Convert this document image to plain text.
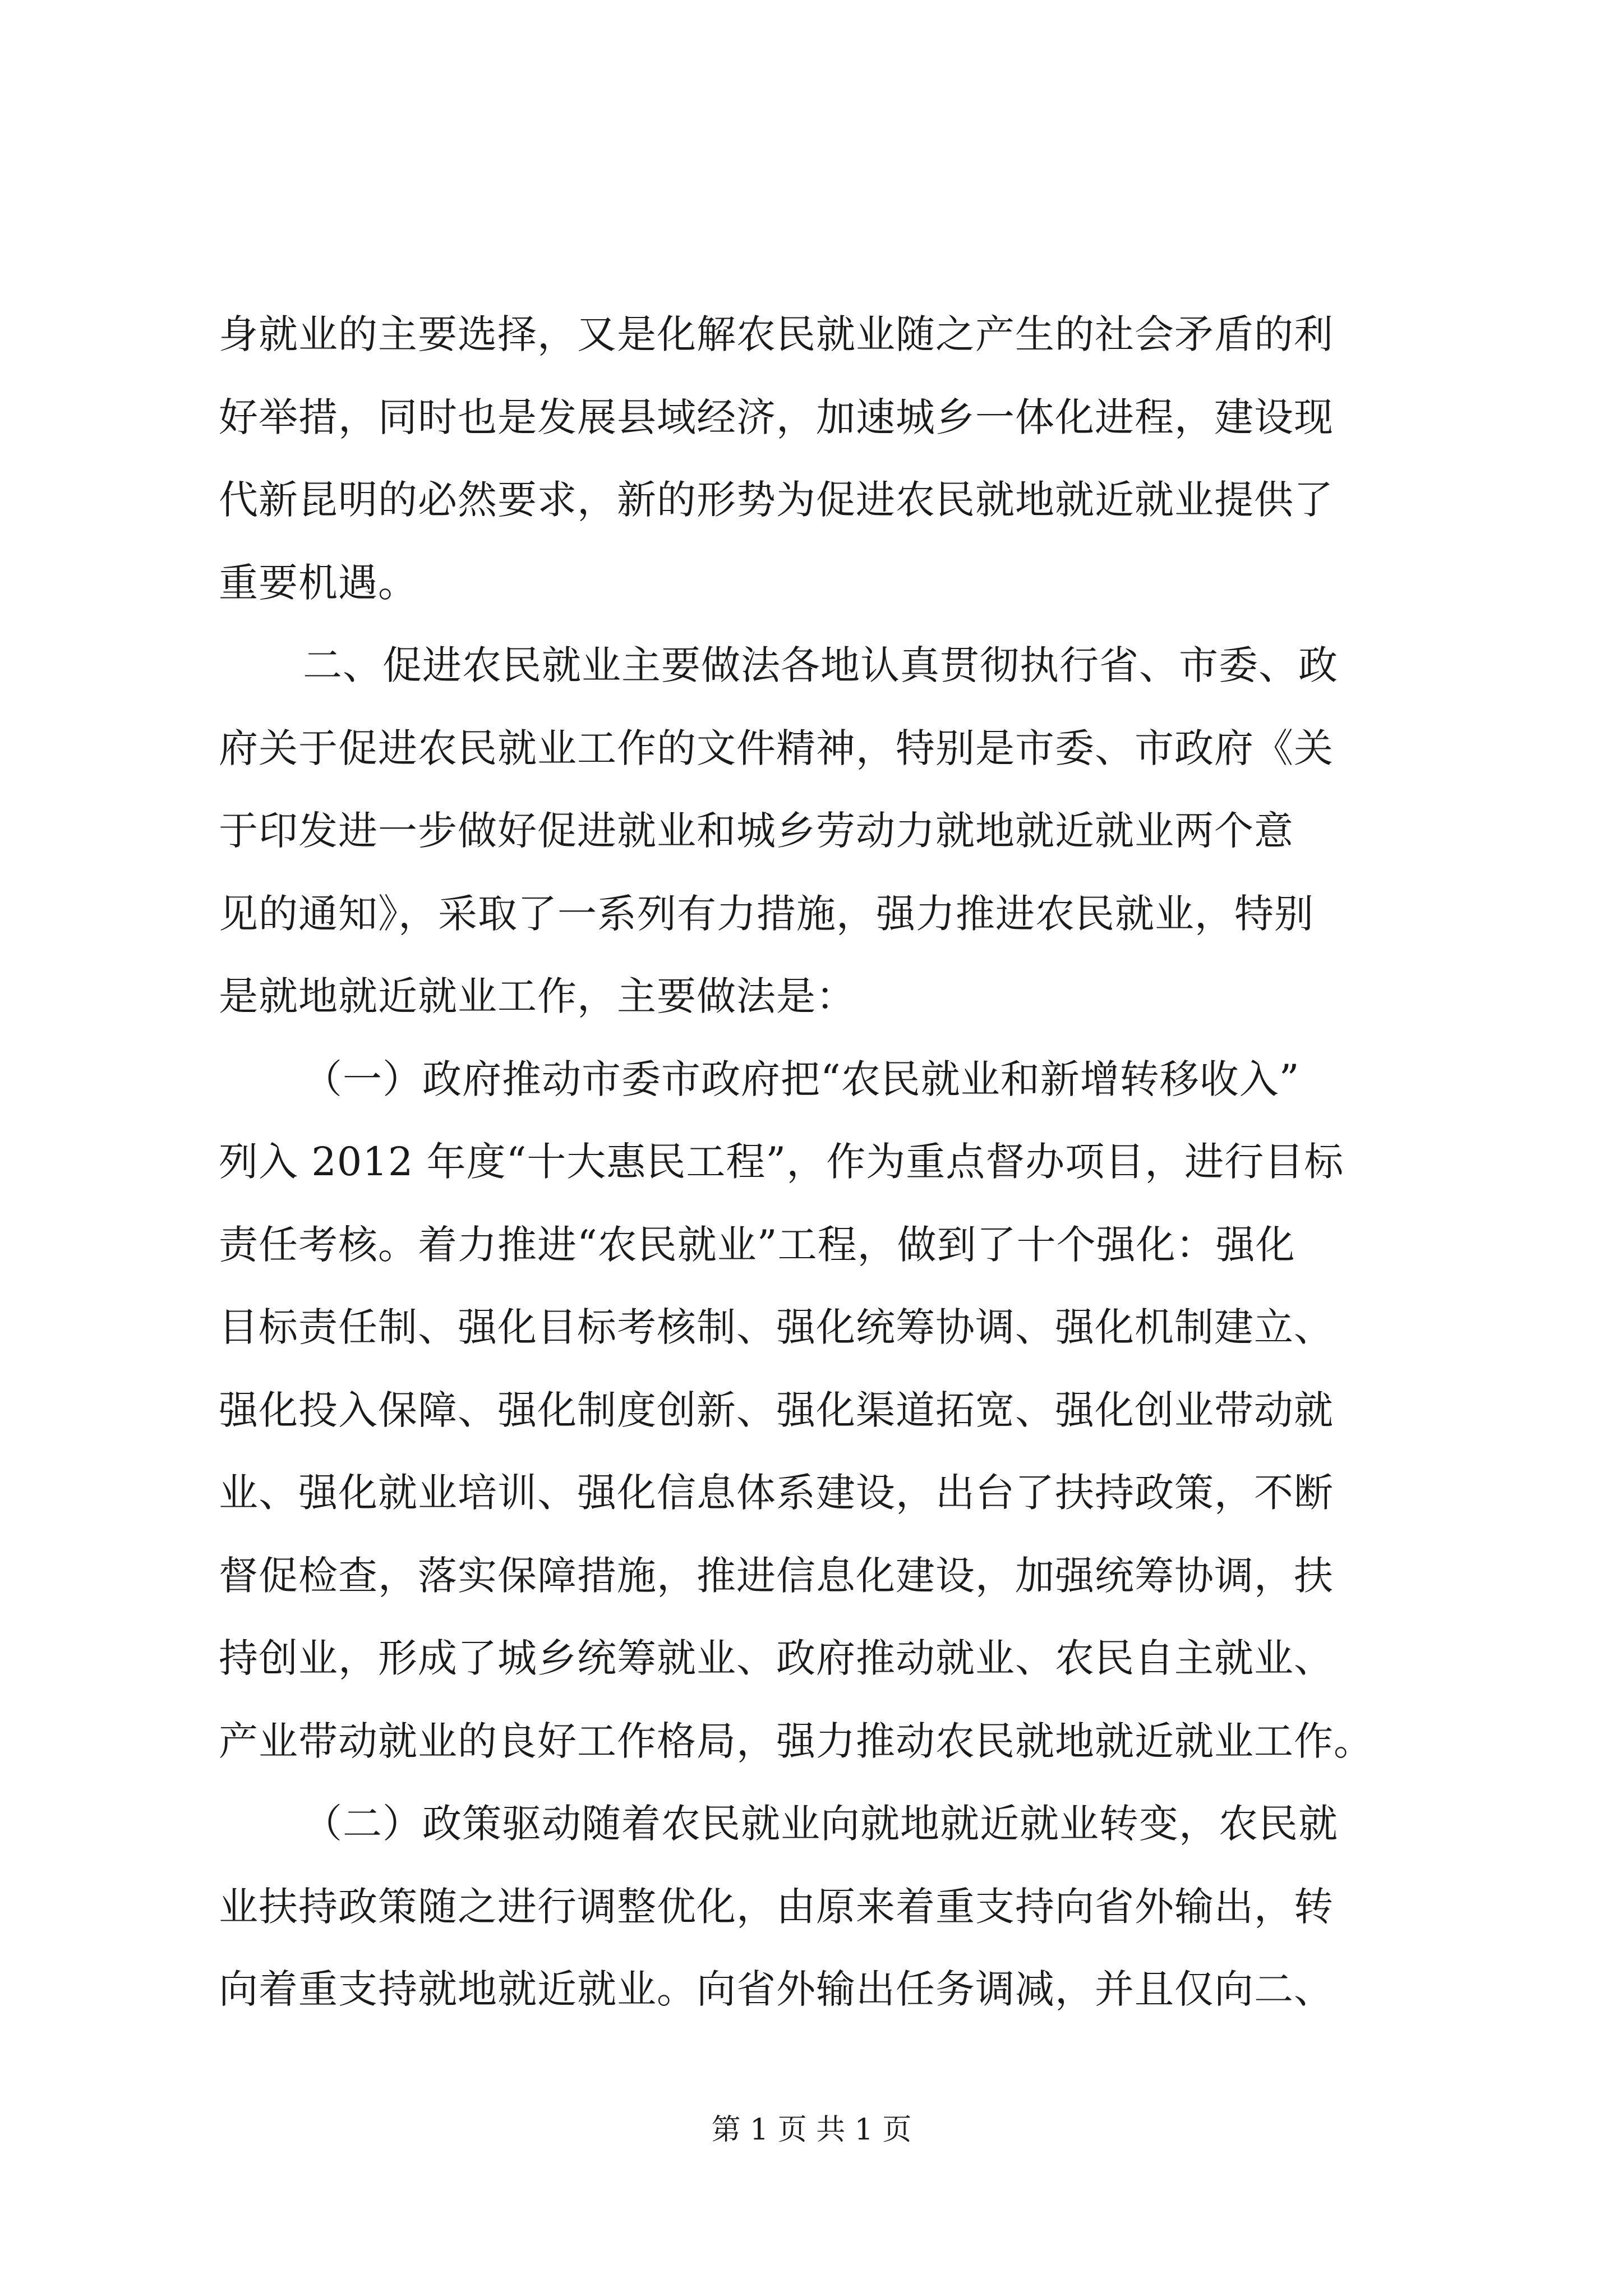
身就业的主要选择，又是化解农民就业随之产生的社会矛盾的利
好举措，同时也是发展县域经济，加速城乡一体化进程，建设现
代新昆明的必然要求，新的形势为促进农民就地就近就业提供了
重要机遇。
二、促进农民就业主要做法各地认真贯彻执行省、市委、政
府关于促进农民就业工作的文件精神，特别是市委、市政府《关
于印发进一步做好促进就业和城乡劳动力就地就近就业两个意
见的通知》，采取了一系列有力措施，强力推进农民就业，特别
是就地就近就业工作，主要做法是：
（一）政府推动市委市政府把“农民就业和新增转移收入”
列入 2012 年度“十大惠民工程”，作为重点督办项目，进行目标
责任考核。着力推进“农民就业”工程，做到了十个强化：强化
目标责任制、强化目标考核制、强化统筹协调、强化机制建立、
强化投入保障、强化制度创新、强化渠道拓宽、强化创业带动就
业、强化就业培训、强化信息体系建设，出台了扶持政策，不断
督促检查，落实保障措施，推进信息化建设，加强统筹协调，扶
持创业，形成了城乡统筹就业、政府推动就业、农民自主就业、
产业带动就业的良好工作格局，强力推动农民就地就近就业工作。
（二）政策驱动随着农民就业向就地就近就业转变，农民就
业扶持政策随之进行调整优化，由原来着重支持向省外输出，转
向着重支持就地就近就业。向省外输出任务调减，并且仅向二、
第 1 页 共 1 页
